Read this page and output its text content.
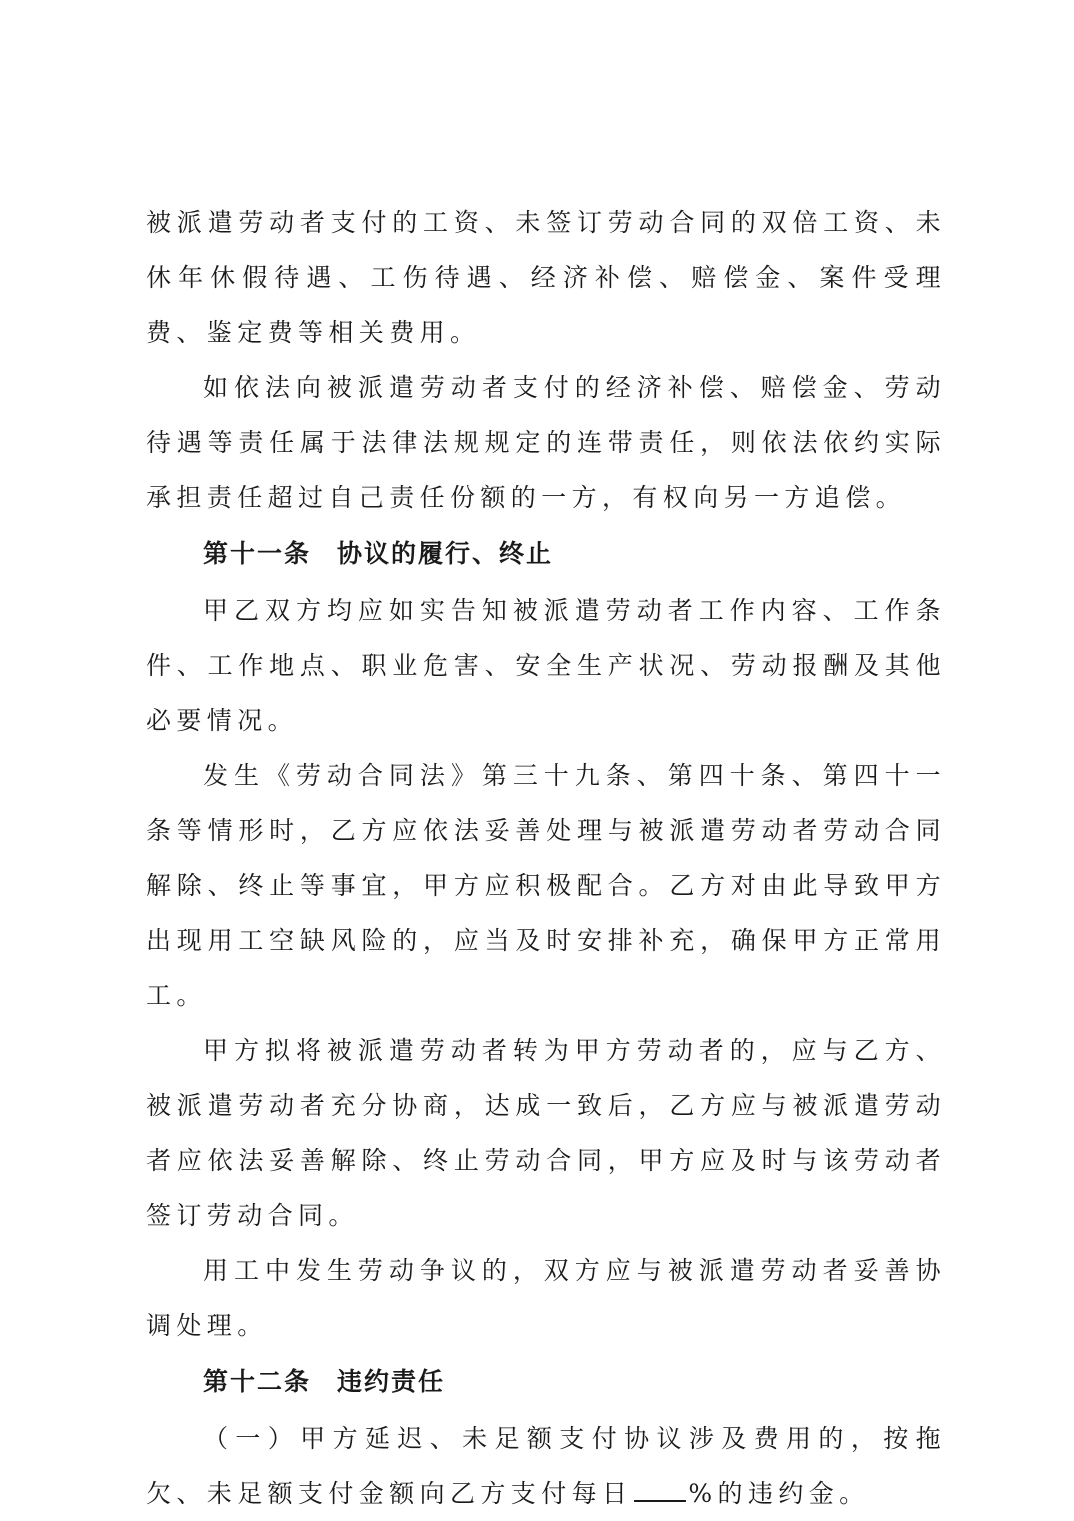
被派遣劳动者支付的工资、未签订劳动合同的双倍工资、未休年休假待遇、工伤待遇、经济补偿、赔偿金、案件受理费、鉴定费等相关费用。

如依法向被派遣劳动者支付的经济补偿、赔偿金、劳动待遇等责任属于法律法规规定的连带责任，则依法依约实际承担责任超过自己责任份额的一方，有权向另一方追偿。

第十一条 协议的履行、终止

甲乙双方均应如实告知被派遣劳动者工作内容、工作条件、工作地点、职业危害、安全生产状况、劳动报酬及其他必要情况。

发生《劳动合同法》第三十九条、第四十条、第四十一条等情形时，乙方应依法妥善处理与被派遣劳动者劳动合同解除、终止等事宜，甲方应积极配合。乙方对由此导致甲方出现用工空缺风险的，应当及时安排补充，确保甲方正常用工。

甲方拟将被派遣劳动者转为甲方劳动者的，应与乙方、被派遣劳动者充分协商，达成一致后，乙方应与被派遣劳动者应依法妥善解除、终止劳动合同，甲方应及时与该劳动者签订劳动合同。

用工中发生劳动争议的，双方应与被派遣劳动者妥善协调处理。

第十二条 违约责任

（一）甲方延迟、未足额支付协议涉及费用的，按拖欠、未足额支付金额向乙方支付每日 %的违约金。
